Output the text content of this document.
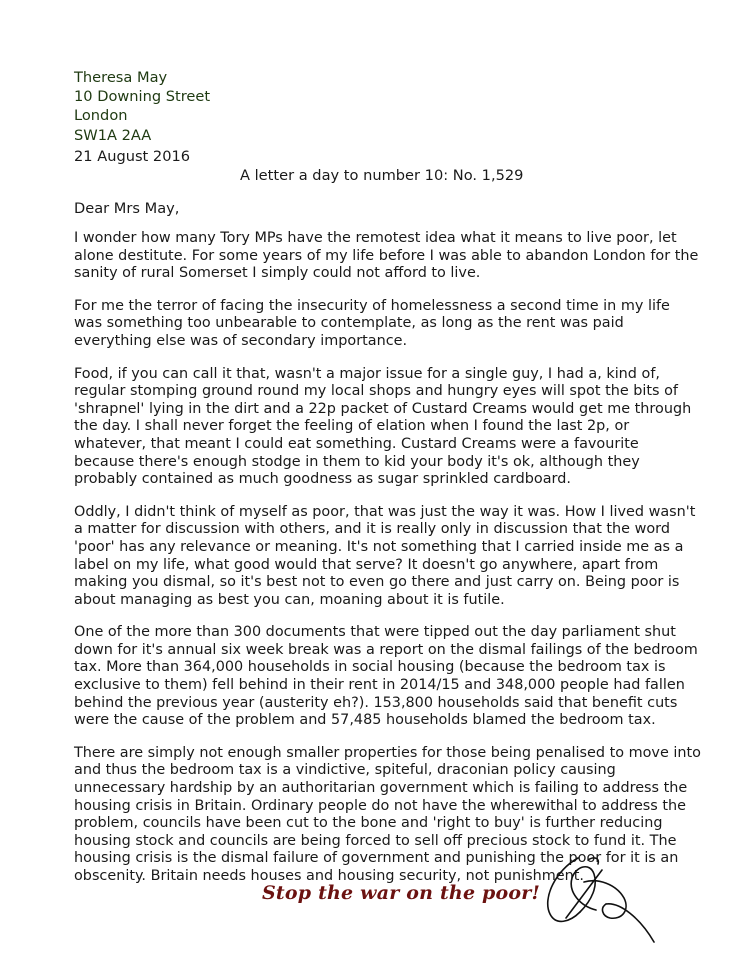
Theresa May
10 Downing Street
London
SW1A 2AA
21 August 2016
A letter a day to number 10: No. 1,529
Dear Mrs May,
I wonder how many Tory MPs have the remotest idea what it means to live poor, let
alone destitute. For some years of my life before I was able to abandon London for the
sanity of rural Somerset I simply could not afford to live.
For me the terror of facing the insecurity of homelessness a second time in my life
was something too unbearable to contemplate, as long as the rent was paid
everything else was of secondary importance.
Food, if you can call it that, wasn't a major issue for a single guy, I had a, kind of,
regular stomping ground round my local shops and hungry eyes will spot the bits of
'shrapnel' lying in the dirt and a 22p packet of Custard Creams would get me through
the day. I shall never forget the feeling of elation when I found the last 2p, or
whatever, that meant I could eat something. Custard Creams were a favourite
because there's enough stodge in them to kid your body it's ok, although they
probably contained as much goodness as sugar sprinkled cardboard.
Oddly, I didn't think of myself as poor, that was just the way it was. How I lived wasn't
a matter for discussion with others, and it is really only in discussion that the word
'poor' has any relevance or meaning. It's not something that I carried inside me as a
label on my life, what good would that serve? It doesn't go anywhere, apart from
making you dismal, so it's best not to even go there and just carry on. Being poor is
about managing as best you can, moaning about it is futile.
One of the more than 300 documents that were tipped out the day parliament shut
down for it's annual six week break was a report on the dismal failings of the bedroom
tax. More than 364,000 households in social housing (because the bedroom tax is
exclusive to them) fell behind in their rent in 2014/15 and 348,000 people had fallen
behind the previous year (austerity eh?). 153,800 households said that benefit cuts
were the cause of the problem and 57,485 households blamed the bedroom tax.
There are simply not enough smaller properties for those being penalised to move into
and thus the bedroom tax is a vindictive, spiteful, draconian policy causing
unnecessary hardship by an authoritarian government which is failing to address the
housing crisis in Britain. Ordinary people do not have the wherewithal to address the
problem, councils have been cut to the bone and 'right to buy' is further reducing
housing stock and councils are being forced to sell off precious stock to fund it. The
housing crisis is the dismal failure of government and punishing the poor for it is an
obscenity. Britain needs houses and housing security, not punishment.
Stop the war on the poor!
